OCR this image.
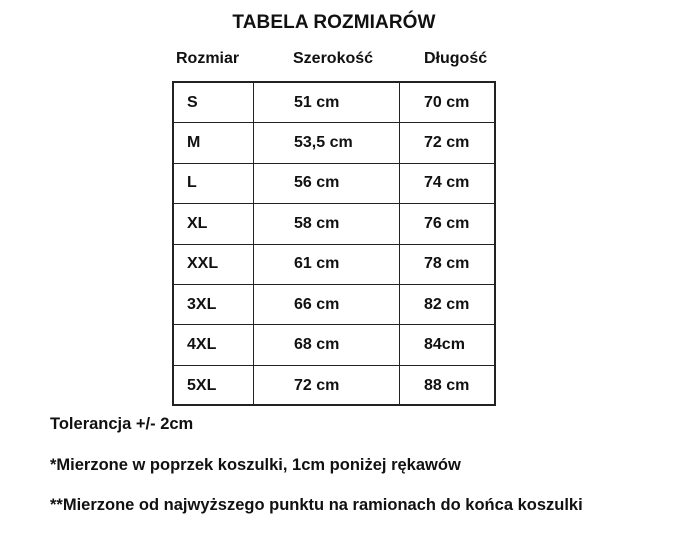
TABELA ROZMIARÓW
Rozmiar	Szerokość	Długość
S	51 cm	70 cm
M	53,5 cm	72 cm
L	56 cm	74 cm
XL	58 cm	76 cm
XXL	61 cm	78 cm
3XL	66 cm	82 cm
4XL	68 cm	84cm
5XL	72 cm	88 cm
Tolerancja +/- 2cm
*Mierzone w poprzek koszulki, 1cm poniżej rękawów
**Mierzone od najwyższego punktu na ramionach do końca koszulki
